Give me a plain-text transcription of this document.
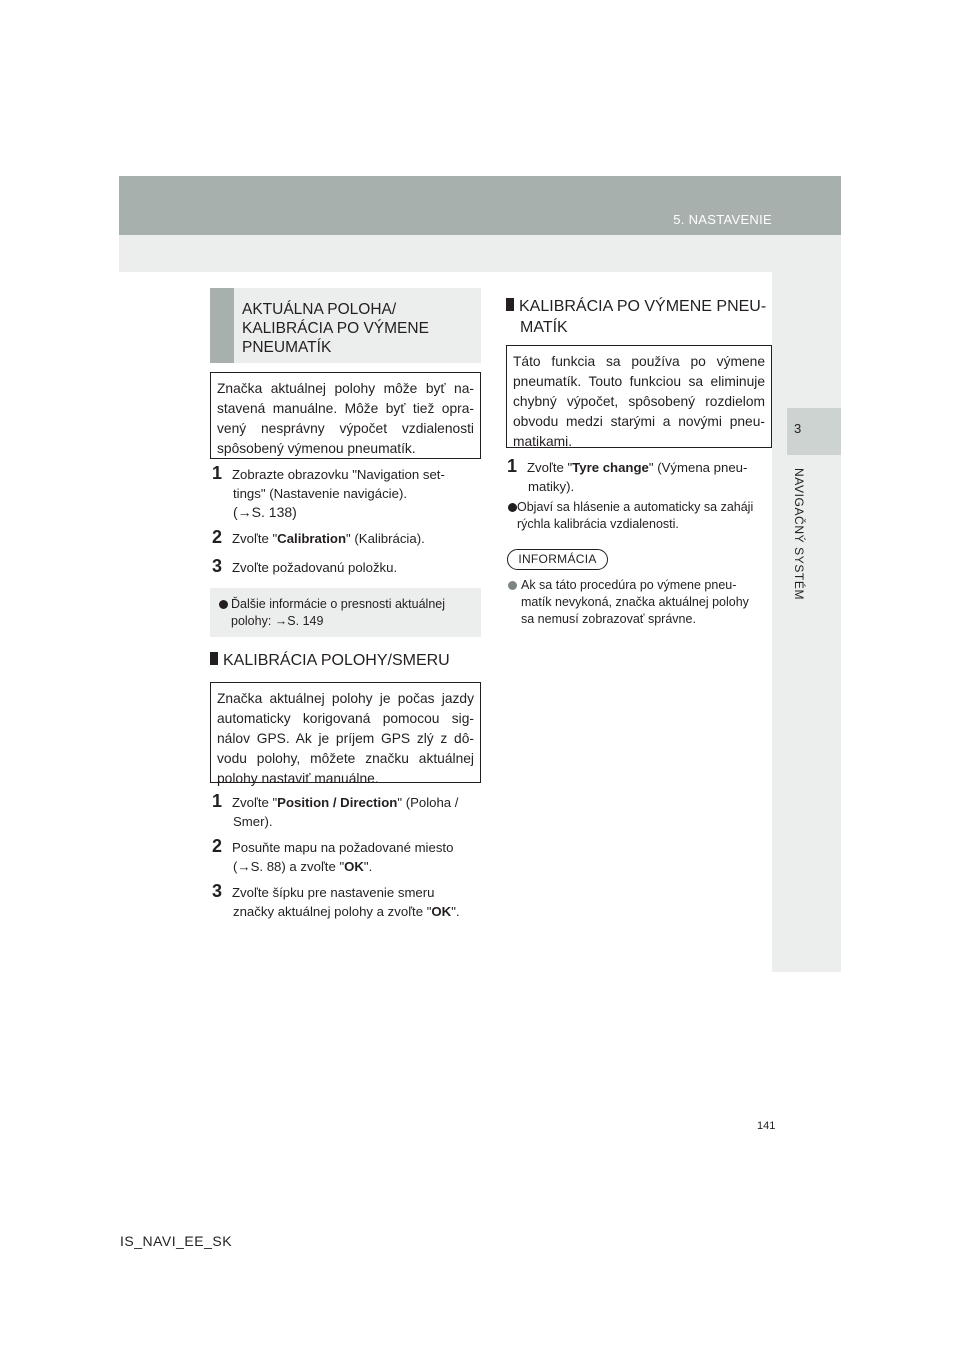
5. NASTAVENIE
3
NAVIGAČNÝ SYSTÉM
AKTUÁLNA POLOHA/
KALIBRÁCIA PO VÝMENE
PNEUMATÍK
Značka aktuálnej polohy môže byť na-stavená manuálne. Môže byť tiež opra-vený nesprávny výpočet vzdialenosti spôsobený výmenou pneumatík.
1 Zobrazte obrazovku "Navigation set-
tings" (Nastavenie navigácie).
(→S. 138)
2 Zvoľte "Calibration" (Kalibrácia).
3 Zvoľte požadovanú položku.
Ďalšie informácie o presnosti aktuálnej
polohy: →S. 149
KALIBRÁCIA POLOHY/SMERU
Značka aktuálnej polohy je počas jazdy automaticky korigovaná pomocou sig-nálov GPS. Ak je príjem GPS zlý z dô-vodu polohy, môžete značku aktuálnej polohy nastaviť manuálne.
1 Zvoľte "Position / Direction" (Poloha /
Smer).
2 Posuňte mapu na požadované miesto
(→S. 88) a zvoľte "OK".
3 Zvoľte šípku pre nastavenie smeru
značky aktuálnej polohy a zvoľte "OK".
KALIBRÁCIA PO VÝMENE PNEU-
MATÍK
Táto funkcia sa používa po výmene pneumatík. Touto funkciou sa eliminuje chybný výpočet, spôsobený rozdielom obvodu medzi starými a novými pneu-matikami.
1 Zvoľte "Tyre change" (Výmena pneu-
matiky).
Objaví sa hlásenie a automaticky sa zaháji
rýchla kalibrácia vzdialenosti.
INFORMÁCIA
Ak sa táto procedúra po výmene pneu-
matík nevykoná, značka aktuálnej polohy
sa nemusí zobrazovať správne.
141
IS_NAVI_EE_SK
